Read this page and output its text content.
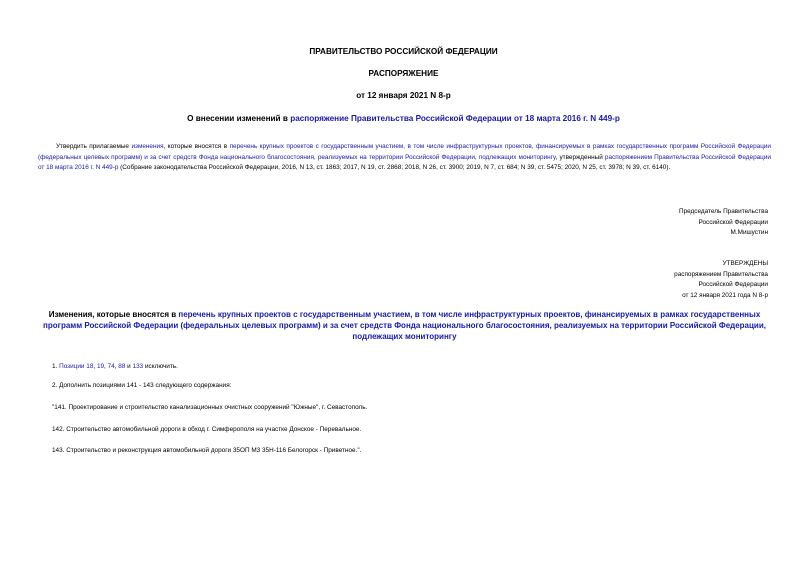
ПРАВИТЕЛЬСТВО РОССИЙСКОЙ ФЕДЕРАЦИИ
РАСПОРЯЖЕНИЕ
от 12 января 2021 N 8-р
О внесении изменений в распоряжение Правительства Российской Федерации от 18 марта 2016 г. N 449-р
Утвердить прилагаемые изменения, которые вносятся в перечень крупных проектов с государственным участием, в том числе инфраструктурных проектов, финансируемых в рамках государственных программ Российской Федерации (федеральных целевых программ) и за счет средств Фонда национального благосостояния, реализуемых на территории Российской Федерации, подлежащих мониторингу, утвержденный распоряжением Правительства Российской Федерации от 18 марта 2016 г. N 449-р (Собрание законодательства Российской Федерации, 2016, N 13, ст. 1863; 2017, N 19, ст. 2868; 2018, N 26, ст. 3900; 2019, N 7, ст. 684; N 39, ст. 5475; 2020, N 25, ст. 3978; N 39, ст. 6140).
Председатель Правительства
Российской Федерации
М.Мишустин
УТВЕРЖДЕНЫ
распоряжением Правительства
Российской Федерации
от 12 января 2021 года N 8-р
Изменения, которые вносятся в перечень крупных проектов с государственным участием, в том числе инфраструктурных проектов, финансируемых в рамках государственных программ Российской Федерации (федеральных целевых программ) и за счет средств Фонда национального благосостояния, реализуемых на территории Российской Федерации, подлежащих мониторингу
1. Позиции 18, 19, 74, 88 и 133 исключить.
2. Дополнить позициями 141 - 143 следующего содержания:
"141. Проектирование и строительство канализационных очистных сооружений "Южные", г. Севастополь.
142. Строительство автомобильной дороги в обход г. Симферополя на участке Донское - Перевальное.
143. Строительство и реконструкция автомобильной дороги 35ОП М3 35Н-116 Белогорск - Приветное.".
